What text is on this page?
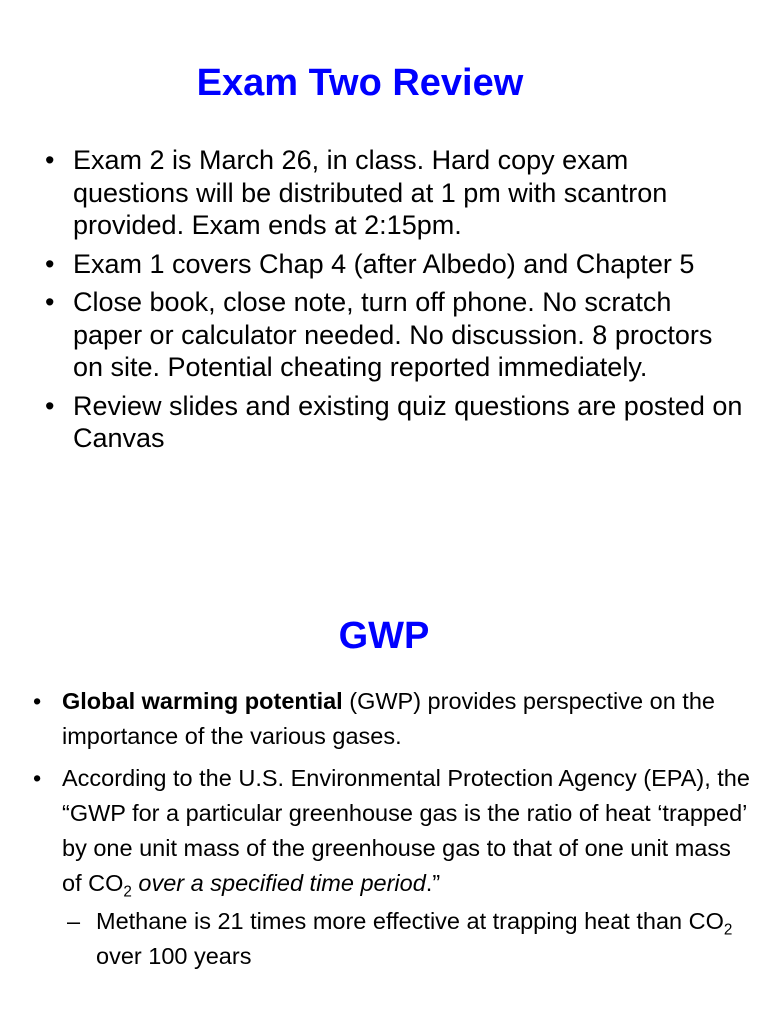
Exam Two Review
• Exam 2 is March 26, in class. Hard copy exam questions will be distributed at 1 pm with scantron provided. Exam ends at 2:15pm.
• Exam 1 covers Chap 4 (after Albedo) and Chapter 5
• Close book, close note, turn off phone. No scratch paper or calculator needed. No discussion. 8 proctors on site. Potential cheating reported immediately.
• Review slides and existing quiz questions are posted on Canvas
GWP
• Global warming potential (GWP) provides perspective on the importance of the various gases.
• According to the U.S. Environmental Protection Agency (EPA), the “GWP for a particular greenhouse gas is the ratio of heat ‘trapped’ by one unit mass of the greenhouse gas to that of one unit mass of $CO_2$ over a specified time period.”
– Methane is 21 times more effective at trapping heat than $CO_2$ over 100 years
